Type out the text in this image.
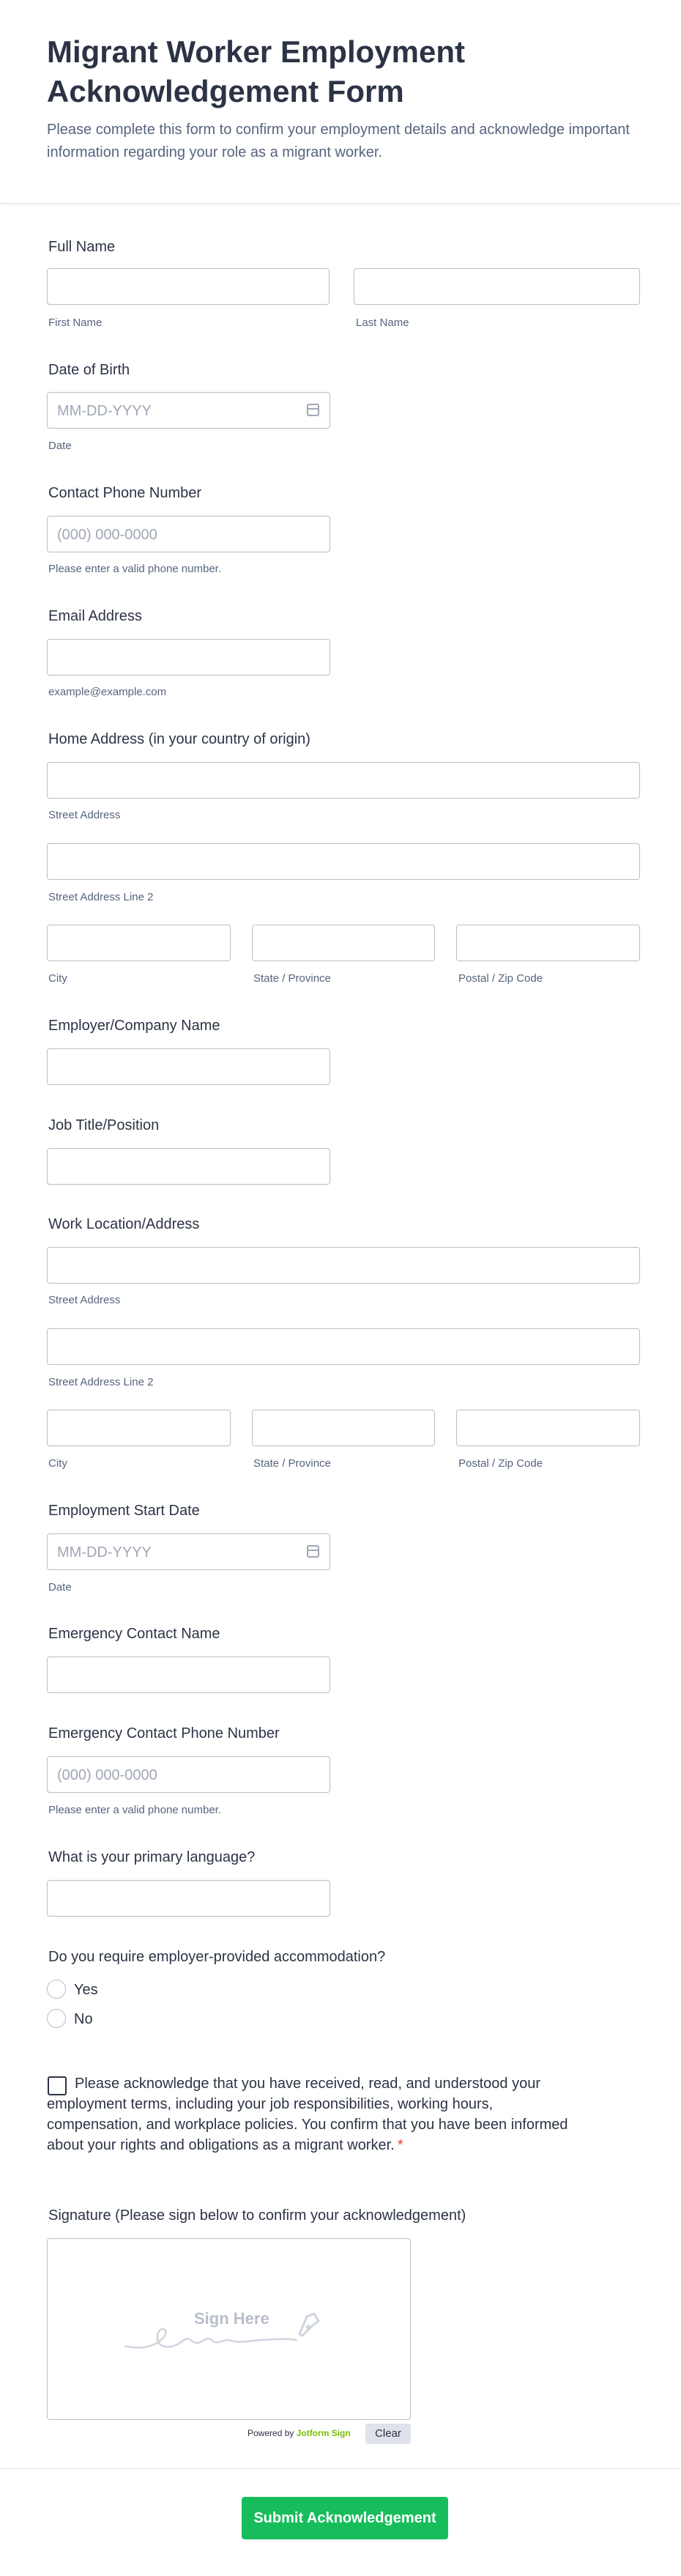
Migrant Worker Employment Acknowledgement Form
Please complete this form to confirm your employment details and acknowledge important information regarding your role as a migrant worker.
Full Name
First Name	Last Name
Date of Birth
MM-DD-YYYY
Date
Contact Phone Number
(000) 000-0000
Please enter a valid phone number.
Email Address
example@example.com
Home Address (in your country of origin)
Street Address
Street Address Line 2
City	State / Province	Postal / Zip Code
Employer/Company Name
Job Title/Position
Work Location/Address
Street Address
Street Address Line 2
City	State / Province	Postal / Zip Code
Employment Start Date
MM-DD-YYYY
Date
Emergency Contact Name
Emergency Contact Phone Number
(000) 000-0000
Please enter a valid phone number.
What is your primary language?
Do you require employer-provided accommodation?
Yes
No
Please acknowledge that you have received, read, and understood your employment terms, including your job responsibilities, working hours, compensation, and workplace policies. You confirm that you have been informed about your rights and obligations as a migrant worker. *
Signature (Please sign below to confirm your acknowledgement)
Sign Here
Powered by Jotform Sign	Clear
Submit Acknowledgement
